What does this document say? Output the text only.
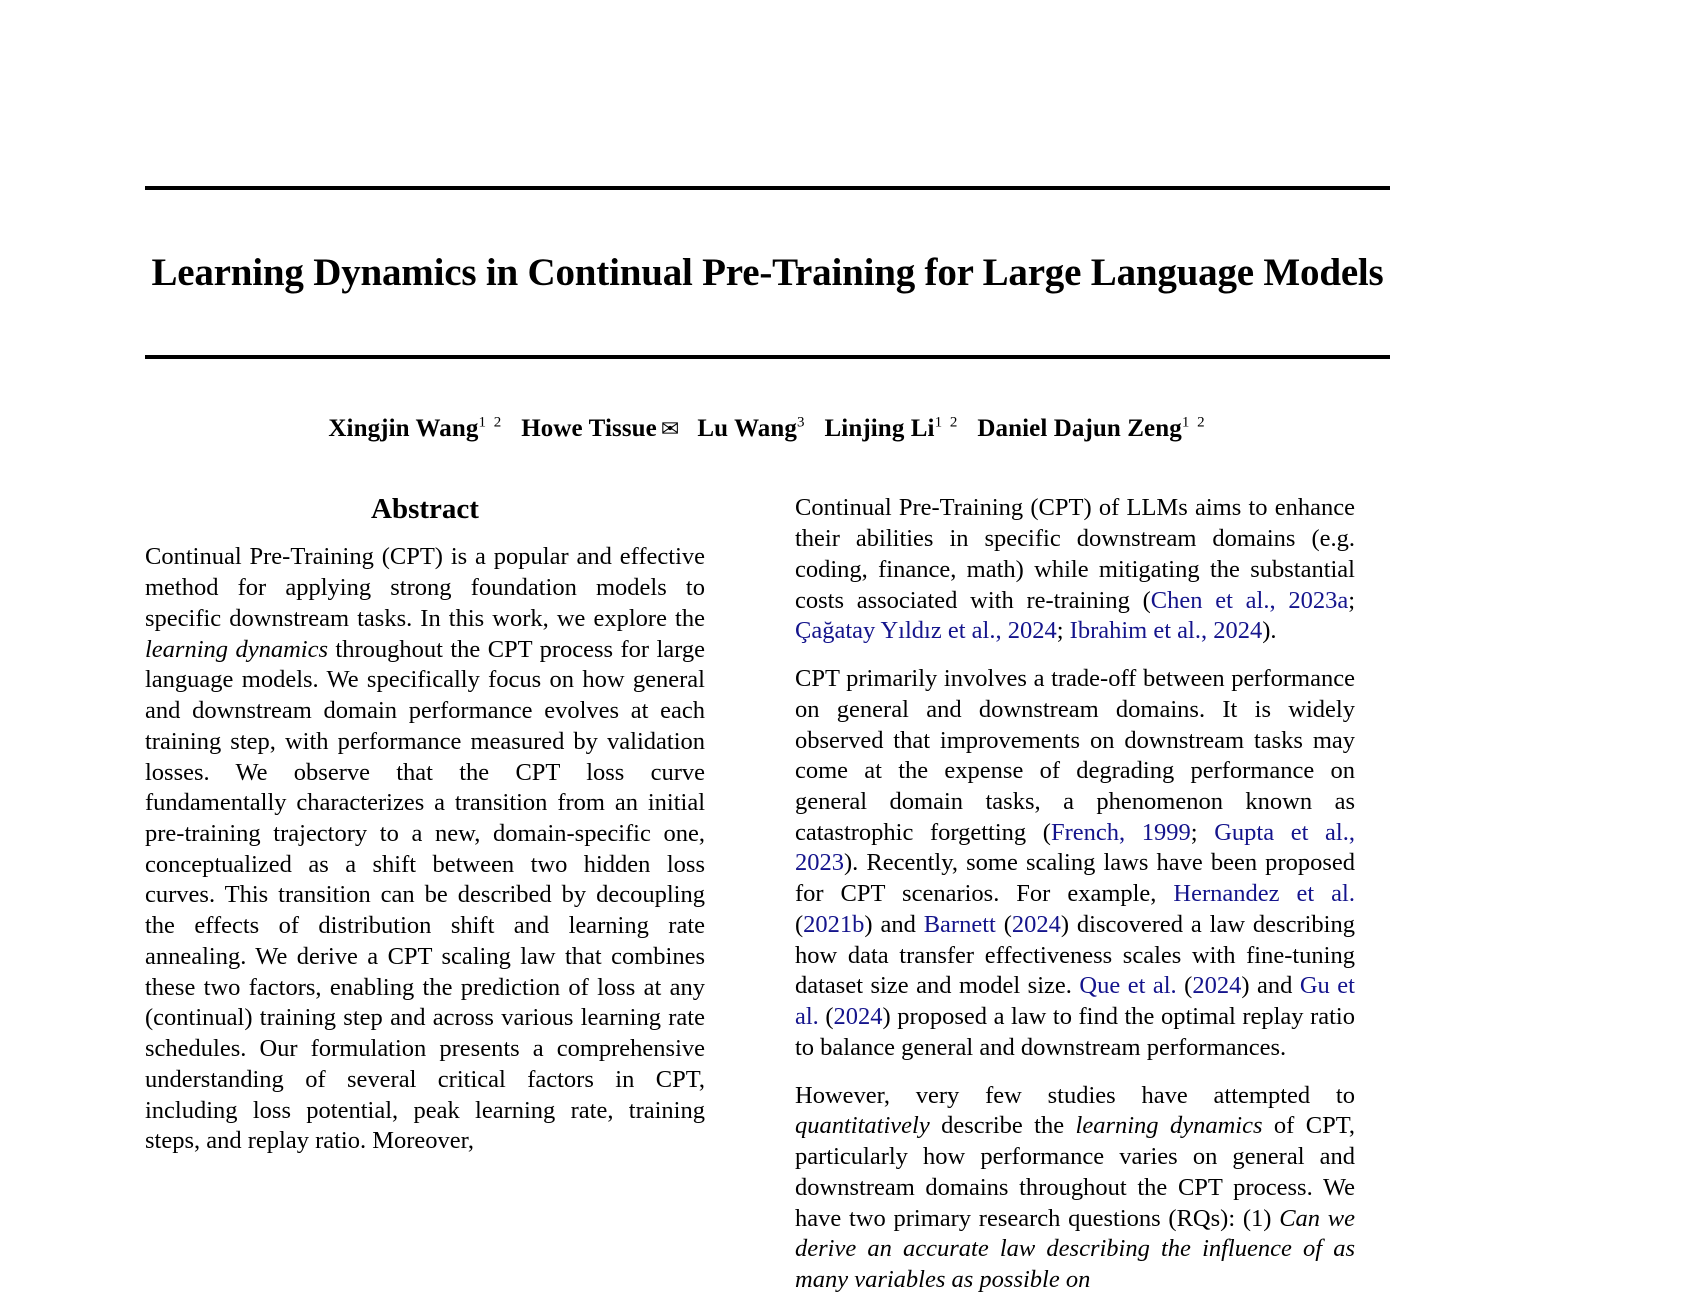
Learning Dynamics in Continual Pre-Training for Large Language Models
Xingjin Wang$^{1 2}$ Howe Tissue ✉ Lu Wang$^3$ Linjing $Li^{1 2}$ Daniel Dajun Zeng$^{1 2}$
Abstract

Continual Pre-Training (CPT) is a popular and effective method for applying strong foundation models to specific downstream tasks. In this work, we explore the learning dynamics throughout the CPT process for large language models. We specifically focus on how general and downstream domain performance evolves at each training step, with performance measured by validation losses. We observe that the CPT loss curve fundamentally characterizes a transition from an initial pre-training trajectory to a new, domain-specific one, conceptualized as a shift between two hidden loss curves. This transition can be described by decoupling the effects of distribution shift and learning rate annealing. We derive a CPT scaling law that combines these two factors, enabling the prediction of loss at any (continual) training step and across various learning rate schedules. Our formulation presents a comprehensive understanding of several critical factors in CPT, including loss potential, peak learning rate, training steps, and replay ratio. Moreover,

Continual Pre-Training (CPT) of LLMs aims to enhance their abilities in specific downstream domains (e.g. coding, finance, math) while mitigating the substantial costs associated with re-training (Chen et al., 2023a; Çağatay Yıldız et al., 2024; Ibrahim et al., 2024).

CPT primarily involves a trade-off between performance on general and downstream domains. It is widely observed that improvements on downstream tasks may come at the expense of degrading performance on general domain tasks, a phenomenon known as catastrophic forgetting (French, 1999; Gupta et al., 2023). Recently, some scaling laws have been proposed for CPT scenarios. For example, Hernandez et al. (2021b) and Barnett (2024) discovered a law describing how data transfer effectiveness scales with fine-tuning dataset size and model size. Que et al. (2024) and Gu et al. (2024) proposed a law to find the optimal replay ratio to balance general and downstream performances.

However, very few studies have attempted to quantitatively describe the learning dynamics of CPT, particularly how performance varies on general and downstream domains throughout the CPT process. We have two primary research questions (RQs): (1) Can we derive an accurate law describing the influence of as many variables as possible on
